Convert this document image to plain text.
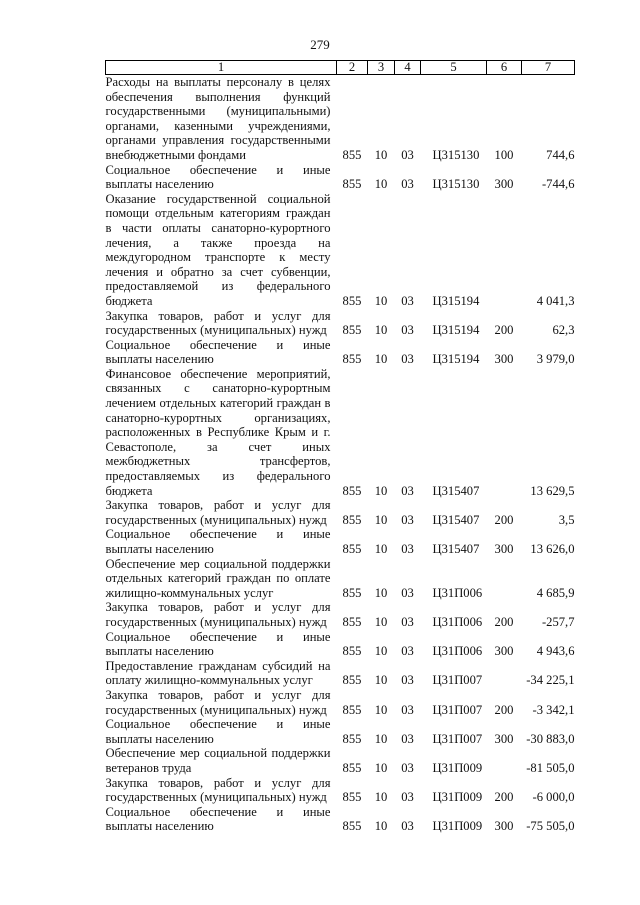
279
1	2	3	4	5	6	7
Расходы на выплаты персоналу в целях обеспечения выполнения функций государственными (муниципальными) органами, казенными учреждениями, органами управления государственными внебюджетными фондами	855	10	03	Ц315130	100	744,6
Социальное обеспечение и иные выплаты населению	855	10	03	Ц315130	300	-744,6
Оказание государственной социальной помощи отдельным категориям граждан в части оплаты санаторно-курортного лечения, а также проезда на междугородном транспорте к месту лечения и обратно за счет субвенции, предоставляемой из федерального бюджета	855	10	03	Ц315194		4 041,3
Закупка товаров, работ и услуг для государственных (муниципальных) нужд	855	10	03	Ц315194	200	62,3
Социальное обеспечение и иные выплаты населению	855	10	03	Ц315194	300	3 979,0
Финансовое обеспечение мероприятий, связанных с санаторно-курортным лечением отдельных категорий граждан в санаторно-курортных организациях, расположенных в Республике Крым и г. Севастополе, за счет иных межбюджетных трансфертов, предоставляемых из федерального бюджета	855	10	03	Ц315407		13 629,5
Закупка товаров, работ и услуг для государственных (муниципальных) нужд	855	10	03	Ц315407	200	3,5
Социальное обеспечение и иные выплаты населению	855	10	03	Ц315407	300	13 626,0
Обеспечение мер социальной поддержки отдельных категорий граждан по оплате жилищно-коммунальных услуг	855	10	03	Ц31П006		4 685,9
Закупка товаров, работ и услуг для государственных (муниципальных) нужд	855	10	03	Ц31П006	200	-257,7
Социальное обеспечение и иные выплаты населению	855	10	03	Ц31П006	300	4 943,6
Предоставление гражданам субсидий на оплату жилищно-коммунальных услуг	855	10	03	Ц31П007		-34 225,1
Закупка товаров, работ и услуг для государственных (муниципальных) нужд	855	10	03	Ц31П007	200	-3 342,1
Социальное обеспечение и иные выплаты населению	855	10	03	Ц31П007	300	-30 883,0
Обеспечение мер социальной поддержки ветеранов труда	855	10	03	Ц31П009		-81 505,0
Закупка товаров, работ и услуг для государственных (муниципальных) нужд	855	10	03	Ц31П009	200	-6 000,0
Социальное обеспечение и иные выплаты населению	855	10	03	Ц31П009	300	-75 505,0
